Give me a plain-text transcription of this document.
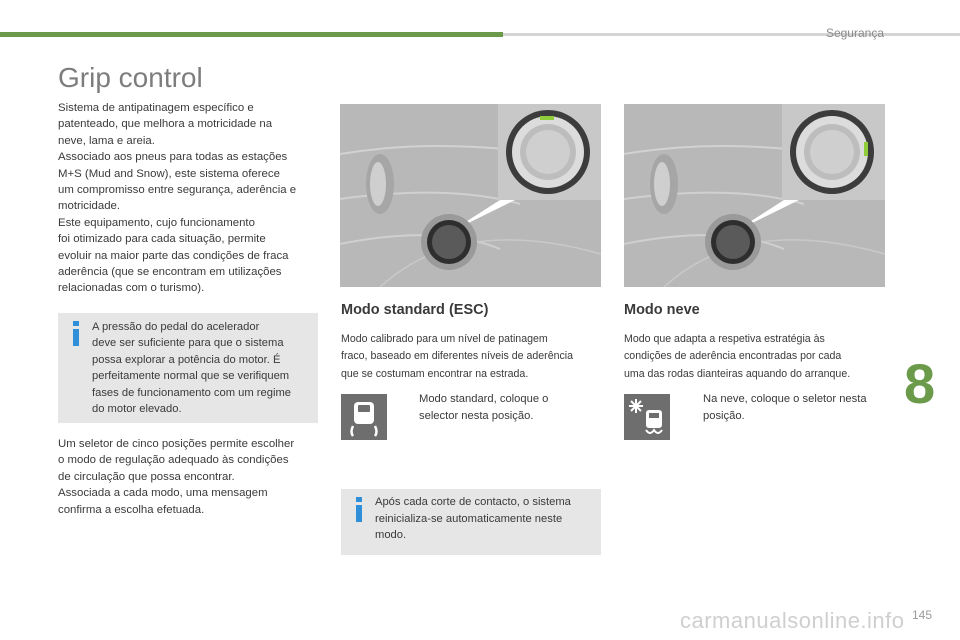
Segurança
Grip control
Sistema de antipatinagem específico e
patenteado, que melhora a motricidade na
neve, lama e areia.
Associado aos pneus para todas as estações
M+S (Mud and Snow), este sistema oferece
um compromisso entre segurança, aderência e
motricidade.
Este equipamento, cujo funcionamento
foi otimizado para cada situação, permite
evoluir na maior parte das condições de fraca
aderência (que se encontram em utilizações
relacionadas com o turismo).
A pressão do pedal do acelerador
deve ser suficiente para que o sistema
possa explorar a potência do motor. É
perfeitamente normal que se verifiquem
fases de funcionamento com um regime
do motor elevado.
Um seletor de cinco posições permite escolher
o modo de regulação adequado às condições
de circulação que possa encontrar.
Associada a cada modo, uma mensagem
confirma a escolha efetuada.
Modo standard (ESC)	Modo neve
Modo calibrado para um nível de patinagem
fraco, baseado em diferentes níveis de aderência
que se costumam encontrar na estrada.
Modo que adapta a respetiva estratégia às
condições de aderência encontradas por cada
uma das rodas dianteiras aquando do arranque.
Modo standard, coloque o
selector nesta posição.
Na neve, coloque o seletor nesta
posição.
Após cada corte de contacto, o sistema
reinicializa-se automaticamente neste
modo.
8
carmanualsonline.info 145
